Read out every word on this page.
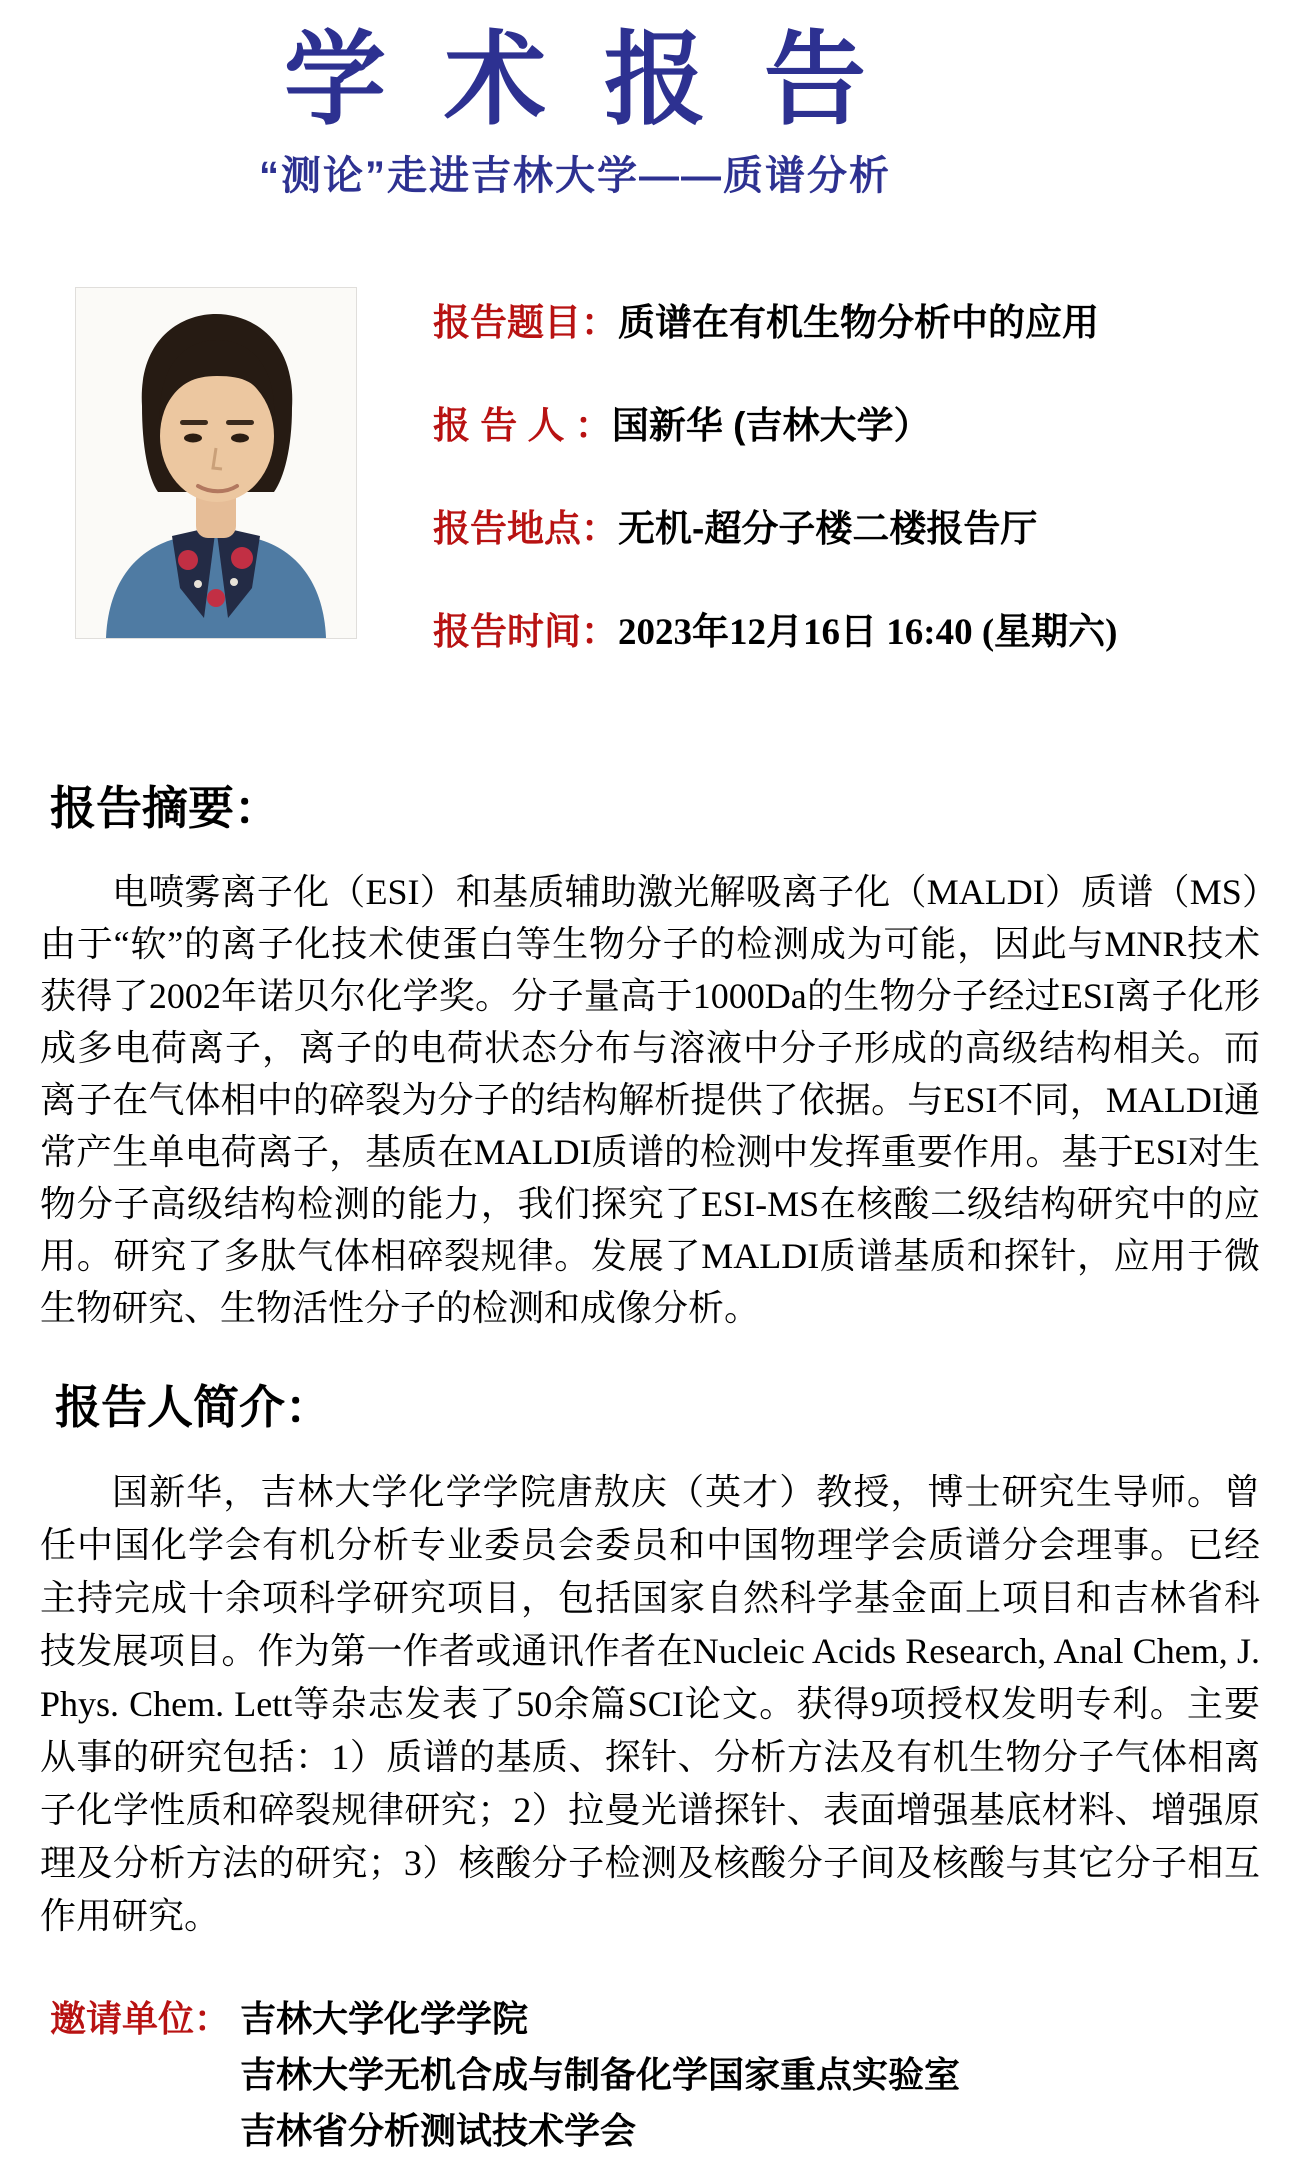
学术报告
“测论”走进吉林大学——质谱分析
报告题目：质谱在有机生物分析中的应用
报 告 人 ：国新华 (吉林大学）
报告地点：无机-超分子楼二楼报告厅
报告时间：2023年12月16日 16:40 (星期六)
报告摘要：

电喷雾离子化（ESI）和基质辅助激光解吸离子化（MALDI）质谱（MS）由于“软”的离子化技术使蛋白等生物分子的检测成为可能，因此与MNR技术获得了2002年诺贝尔化学奖。分子量高于1000Da的生物分子经过ESI离子化形成多电荷离子，离子的电荷状态分布与溶液中分子形成的高级结构相关。而离子在气体相中的碎裂为分子的结构解析提供了依据。与ESI不同，MALDI通常产生单电荷离子，基质在MALDI质谱的检测中发挥重要作用。基于ESI对生物分子高级结构检测的能力，我们探究了ESI-MS在核酸二级结构研究中的应用。研究了多肽气体相碎裂规律。发展了MALDI质谱基质和探针，应用于微生物研究、生物活性分子的检测和成像分析。

报告人简介：

国新华，吉林大学化学学院唐敖庆（英才）教授，博士研究生导师。曾任中国化学会有机分析专业委员会委员和中国物理学会质谱分会理事。已经主持完成十余项科学研究项目，包括国家自然科学基金面上项目和吉林省科技发展项目。作为第一作者或通讯作者在Nucleic Acids Research, Anal Chem, J. Phys. Chem. Lett等杂志发表了50余篇SCI论文。获得9项授权发明专利。主要从事的研究包括：1）质谱的基质、探针、分析方法及有机生物分子气体相离子化学性质和碎裂规律研究；2）拉曼光谱探针、表面增强基底材料、增强原理及分析方法的研究；3）核酸分子检测及核酸分子间及核酸与其它分子相互作用研究。

邀请单位： 吉林大学化学学院
吉林大学无机合成与制备化学国家重点实验室
吉林省分析测试技术学会
